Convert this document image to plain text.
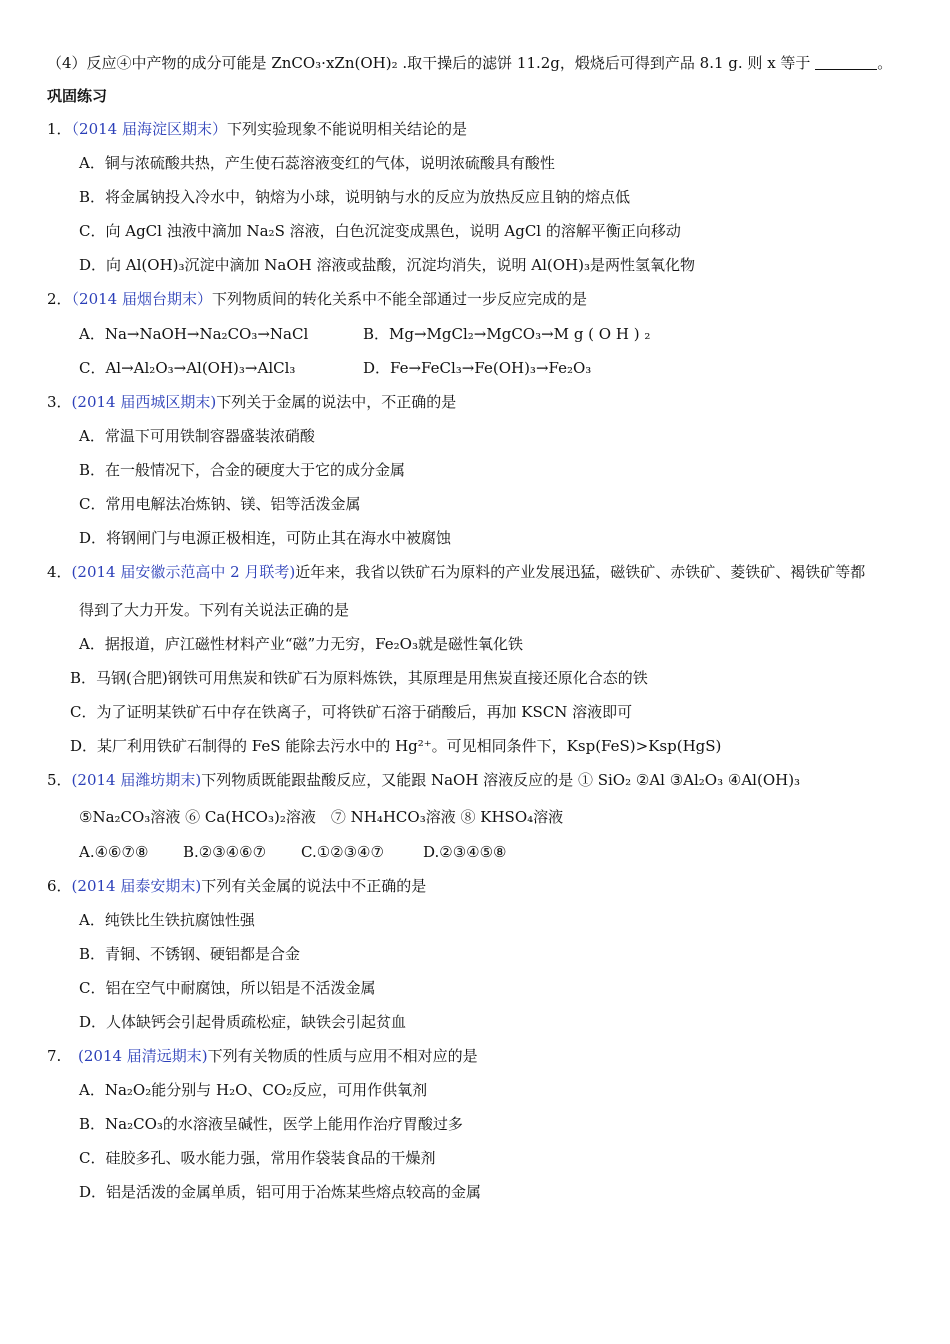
（4）反应④中产物的成分可能是 ZnCO₃·xZn(OH)₂ .取干操后的滤饼 11.2g，煅烧后可得到产品 8.1 g. 则 x 等于	。
巩固练习
1．（2014 届海淀区期末）下列实验现象不能说明相关结论的是
A．铜与浓硫酸共热，产生使石蕊溶液变红的气体，说明浓硫酸具有酸性
B．将金属钠投入冷水中，钠熔为小球，说明钠与水的反应为放热反应且钠的熔点低
C．向 AgCl 浊液中滴加 Na₂S 溶液，白色沉淀变成黑色，说明 AgCl 的溶解平衡正向移动
D．向 Al(OH)₃沉淀中滴加 NaOH 溶液或盐酸，沉淀均消失，说明 Al(OH)₃是两性氢氧化物
2．（2014 届烟台期末）下列物质间的转化关系中不能全部通过一步反应完成的是
A．Na→NaOH→Na₂CO₃→NaCl	B．Mg→MgCl₂→MgCO₃→M g ( O H ) ₂
C．Al→Al₂O₃→Al(OH)₃→AlCl₃	D．Fe→FeCl₃→Fe(OH)₃→Fe₂O₃
3．(2014 届西城区期末)下列关于金属的说法中，不正确的是
A．常温下可用铁制容器盛装浓硝酸
B．在一般情况下，合金的硬度大于它的成分金属
C．常用电解法冶炼钠、镁、铝等活泼金属
D．将钢闸门与电源正极相连，可防止其在海水中被腐蚀
4．(2014 届安徽示范高中 2 月联考)近年来，我省以铁矿石为原料的产业发展迅猛，磁铁矿、赤铁矿、菱铁矿、褐铁矿等都
得到了大力开发。下列有关说法正确的是
A．据报道，庐江磁性材料产业“磁”力无穷，Fe₂O₃就是磁性氧化铁
B．马钢(合肥)钢铁可用焦炭和铁矿石为原料炼铁，其原理是用焦炭直接还原化合态的铁
C．为了证明某铁矿石中存在铁离子，可将铁矿石溶于硝酸后，再加 KSCN 溶液即可
D．某厂利用铁矿石制得的 FeS 能除去污水中的 Hg²⁺。可见相同条件下，Ksp(FeS)>Ksp(HgS)
5．(2014 届潍坊期末)下列物质既能跟盐酸反应，又能跟 NaOH 溶液反应的是 ① SiO₂ ②Al ③Al₂O₃ ④Al(OH)₃
⑤Na₂CO₃溶液 ⑥ Ca(HCO₃)₂溶液　⑦ NH₄HCO₃溶液 ⑧ KHSO₄溶液
A.④⑥⑦⑧ B.②③④⑥⑦ C.①②③④⑦	D.②③④⑤⑧
6．(2014 届泰安期末)下列有关金属的说法中不正确的是
A．纯铁比生铁抗腐蚀性强
B．青铜、不锈钢、硬铝都是合金
C．铝在空气中耐腐蚀，所以铝是不活泼金属
D．人体缺钙会引起骨质疏松症，缺铁会引起贫血
7. (2014 届清远期末)下列有关物质的性质与应用不相对应的是
A．Na₂O₂能分别与 H₂O、CO₂反应，可用作供氧剂
B．Na₂CO₃的水溶液呈碱性，医学上能用作治疗胃酸过多
C．硅胶多孔、吸水能力强，常用作袋装食品的干燥剂
D．铝是活泼的金属单质，铝可用于冶炼某些熔点较高的金属
